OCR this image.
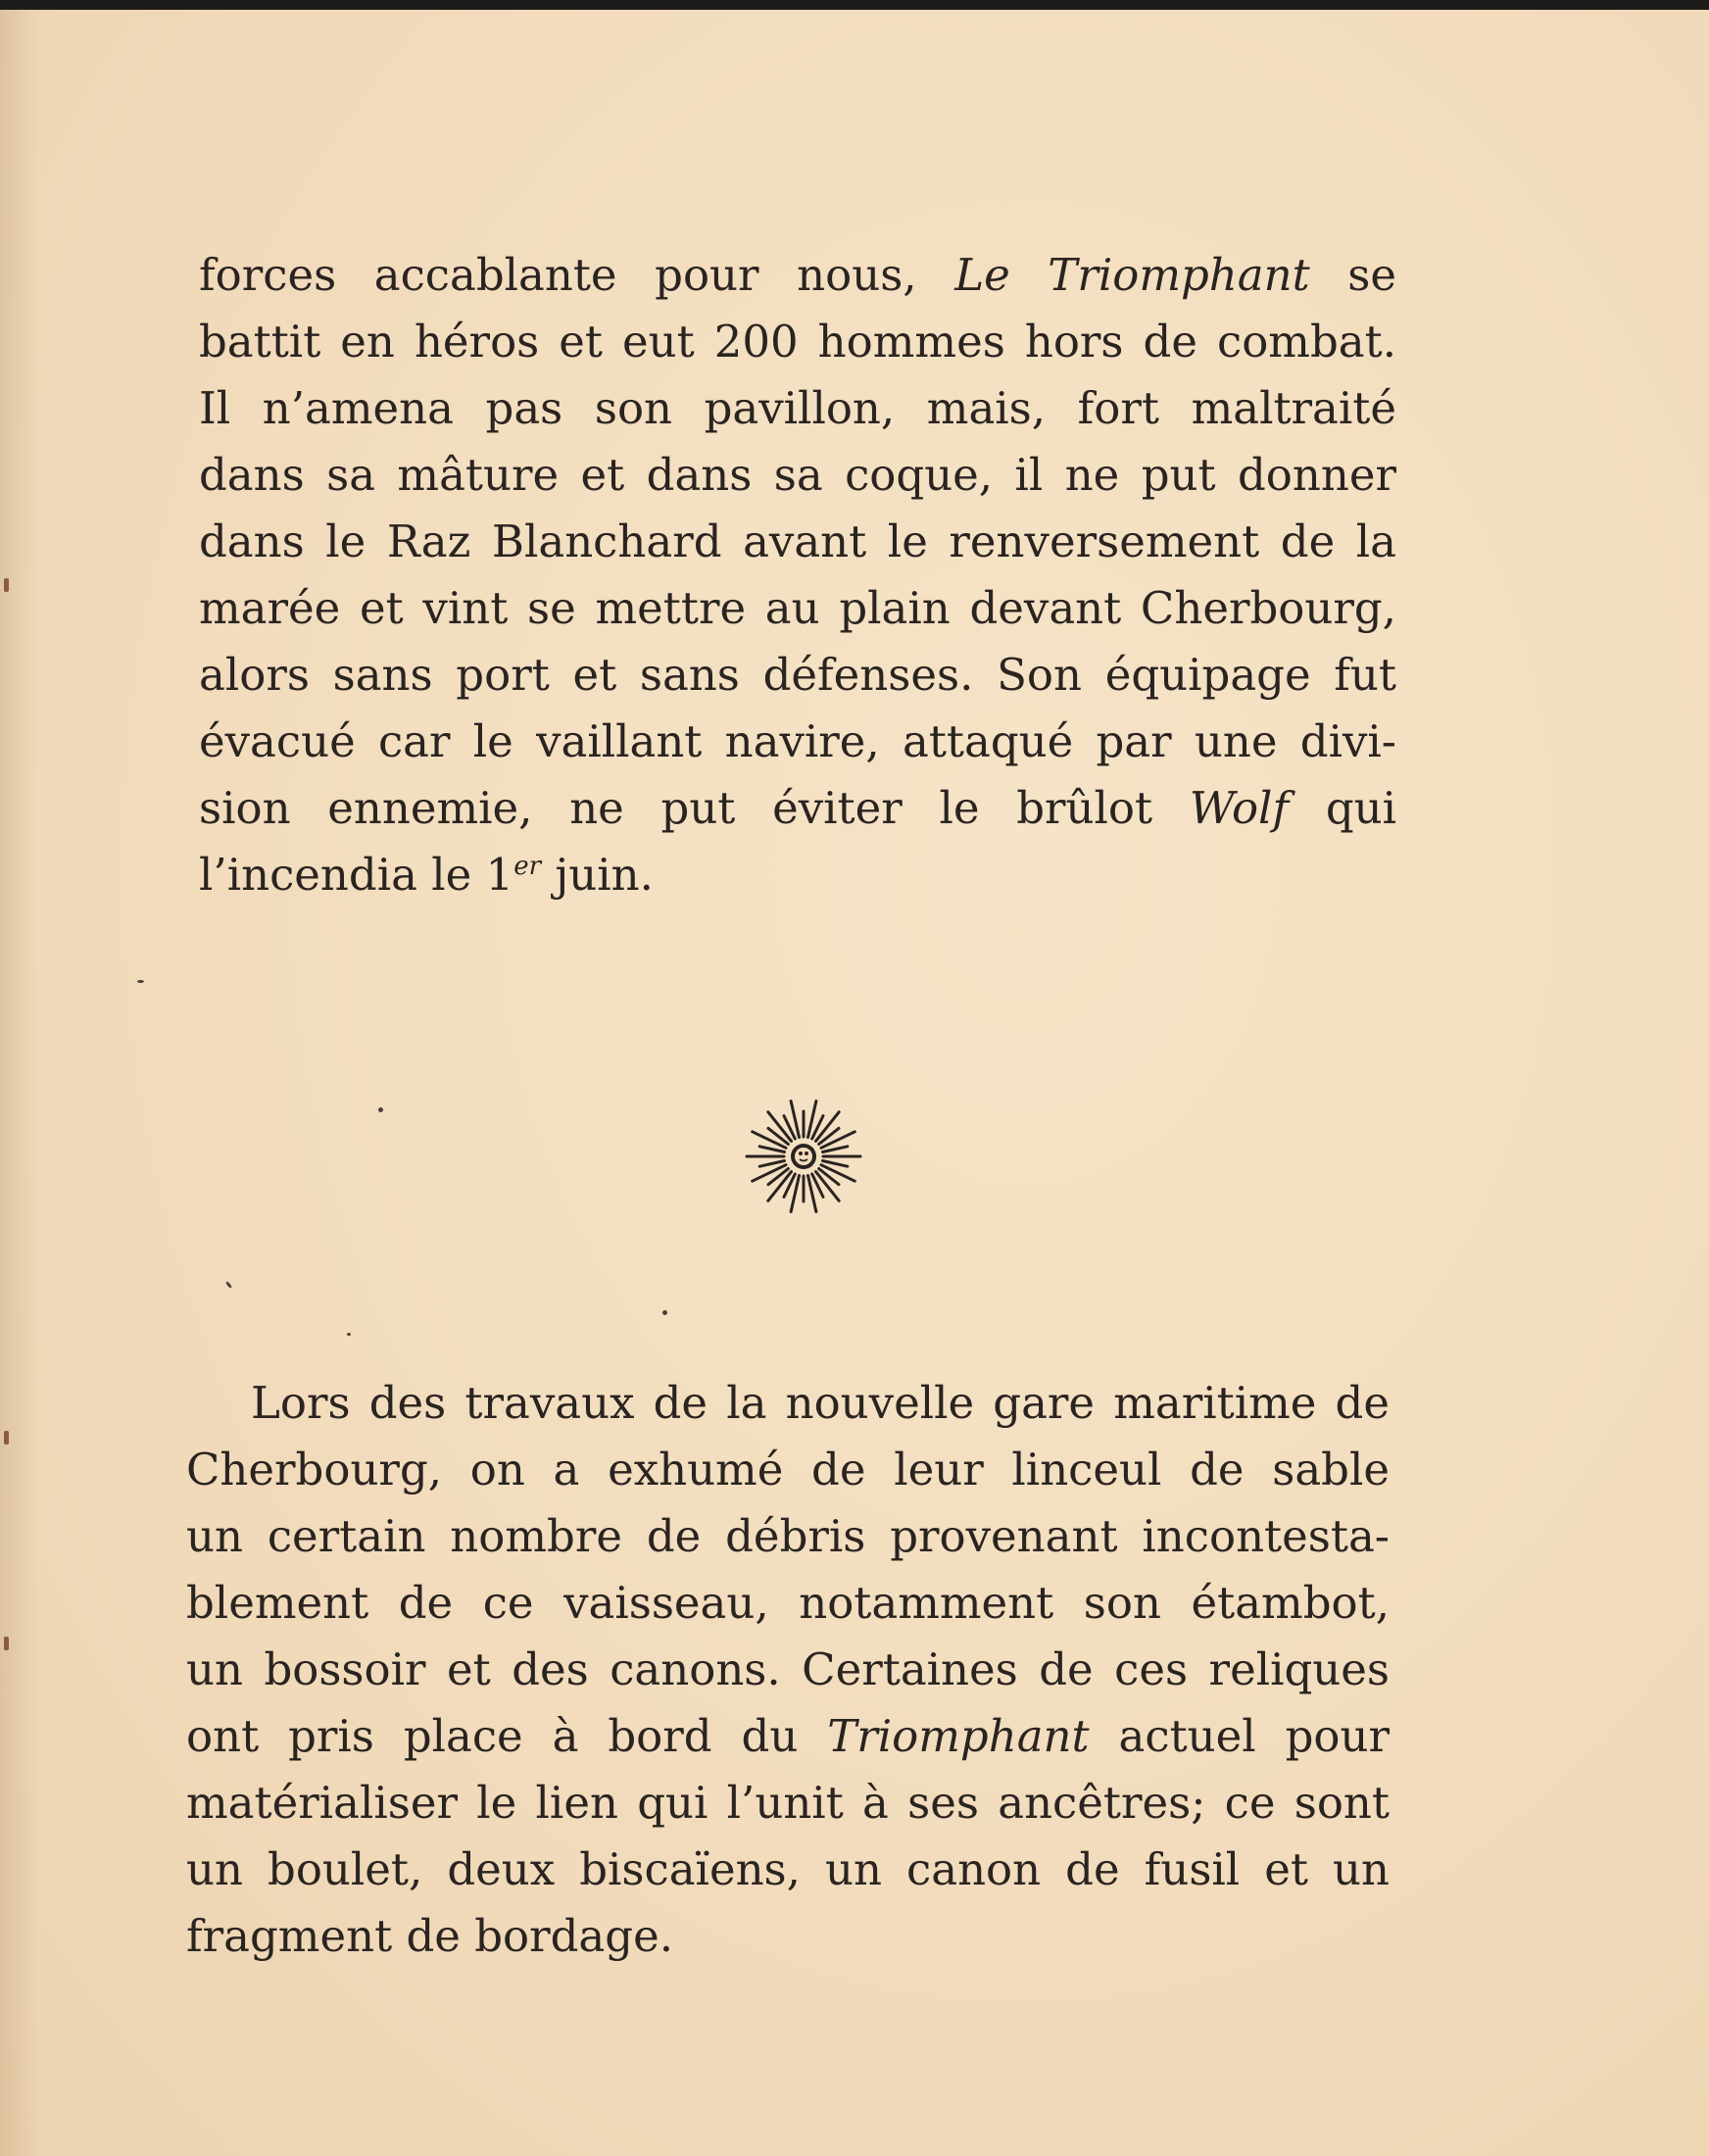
forces accablante pour nous, Le Triomphant se
battit en héros et eut 200 hommes hors de combat.
Il n’amena pas son pavillon, mais, fort maltraité
dans sa mâture et dans sa coque, il ne put donner
dans le Raz Blanchard avant le renversement de la
marée et vint se mettre au plain devant Cherbourg,
alors sans port et sans défenses. Son équipage fut
évacué car le vaillant navire, attaqué par une divi-
sion ennemie, ne put éviter le brûlot Wolf qui
l’incendia le 1er juin.
Lors des travaux de la nouvelle gare maritime de
Cherbourg, on a exhumé de leur linceul de sable
un certain nombre de débris provenant incontesta-
blement de ce vaisseau, notamment son étambot,
un bossoir et des canons. Certaines de ces reliques
ont pris place à bord du Triomphant actuel pour
matérialiser le lien qui l’unit à ses ancêtres; ce sont
un boulet, deux biscaïens, un canon de fusil et un
fragment de bordage.
